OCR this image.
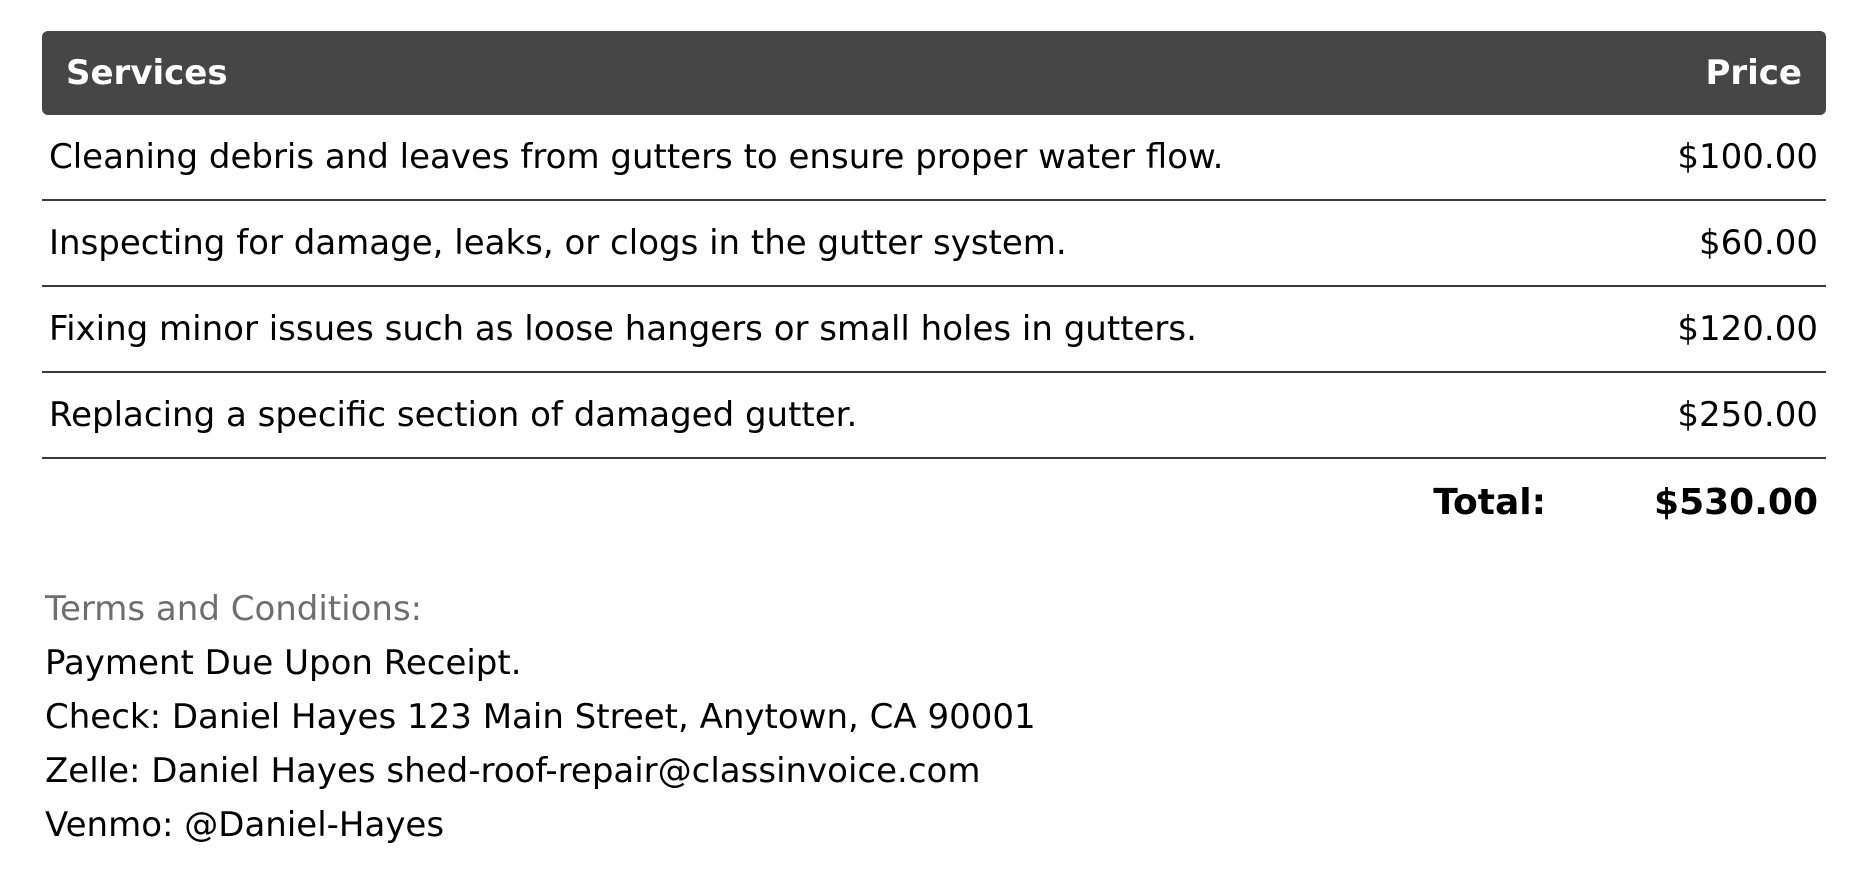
Services	Price
Cleaning debris and leaves from gutters to ensure proper water flow.	$100.00
Inspecting for damage, leaks, or clogs in the gutter system.	$60.00
Fixing minor issues such as loose hangers or small holes in gutters.	$120.00
Replacing a specific section of damaged gutter.	$250.00
Total:	$530.00
Terms and Conditions:
Payment Due Upon Receipt.
Check: Daniel Hayes 123 Main Street, Anytown, CA 90001
Zelle: Daniel Hayes shed-roof-repair@classinvoice.com
Venmo: @Daniel-Hayes
